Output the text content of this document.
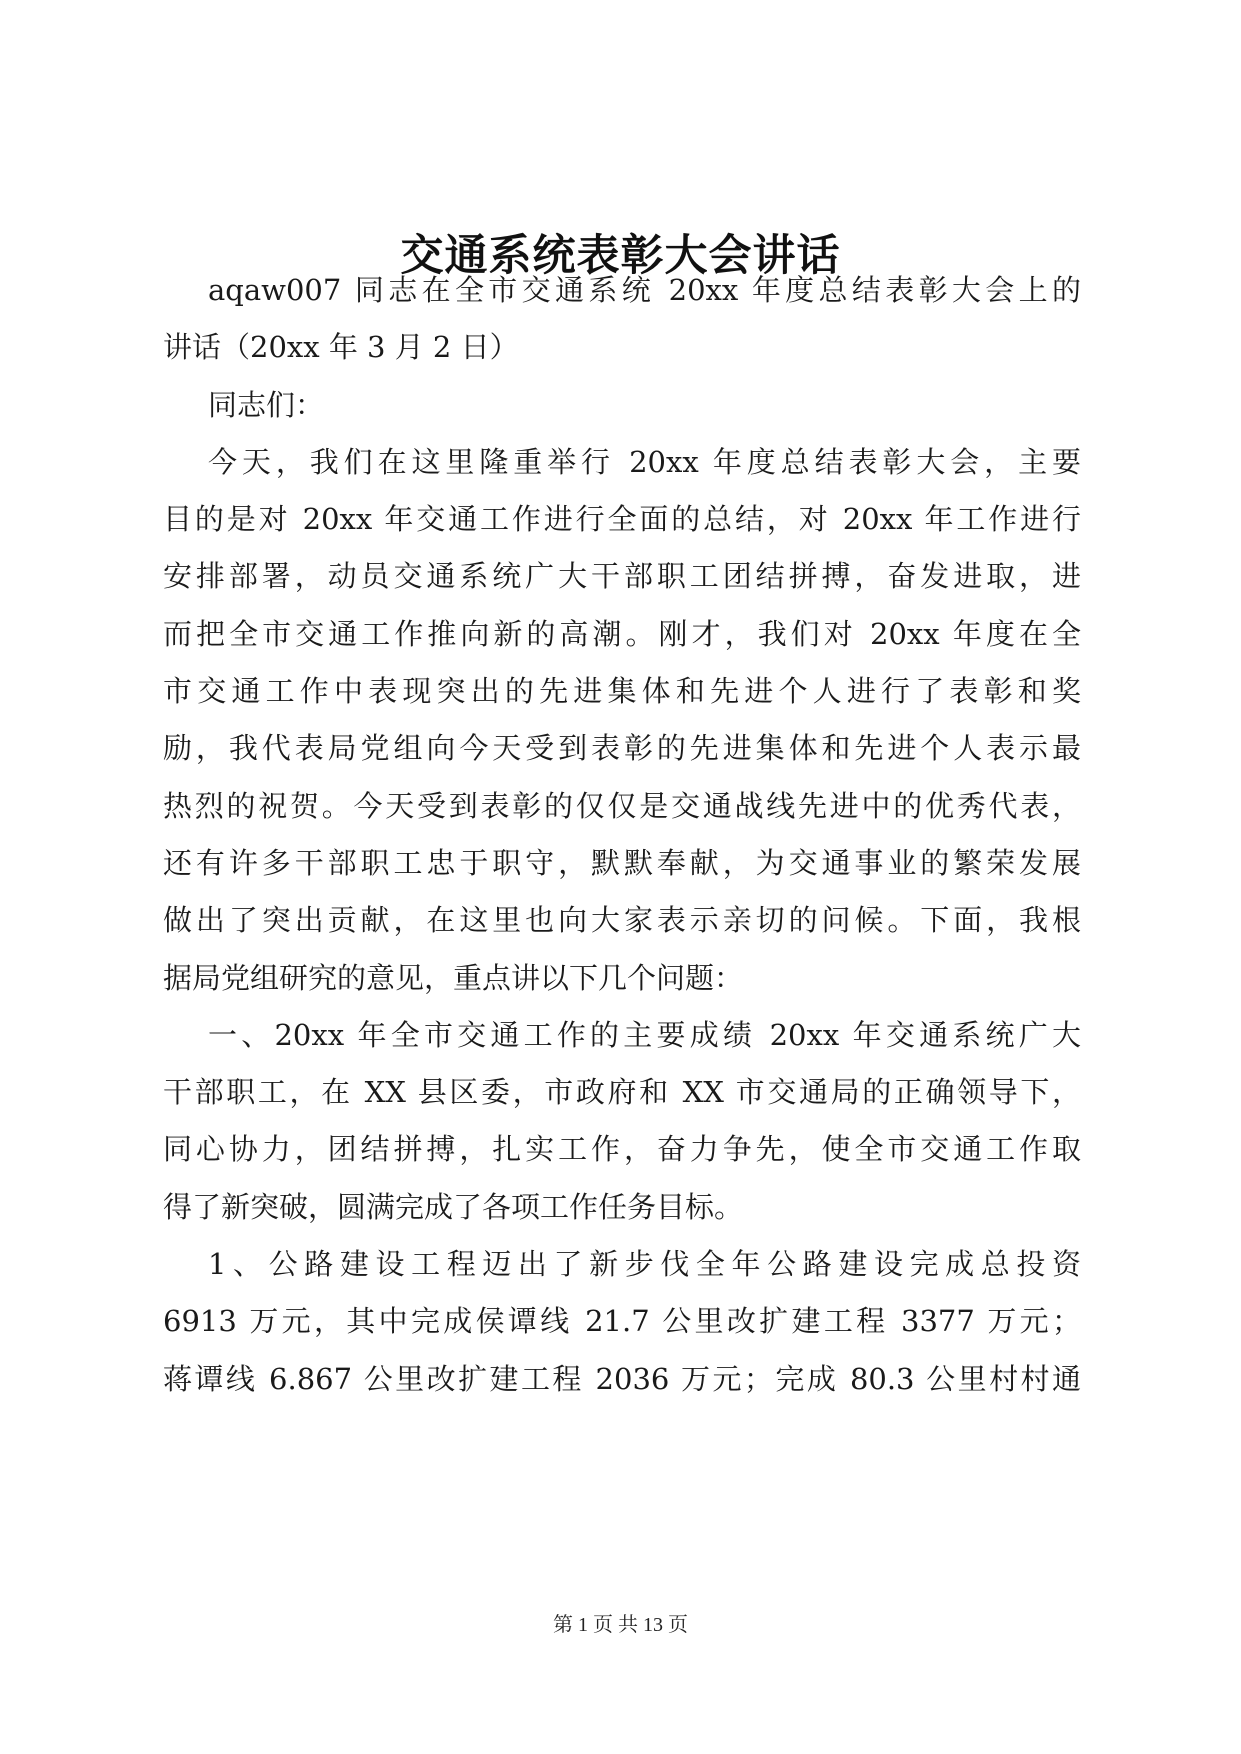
交通系统表彰大会讲话
aqaw007 同志在全市交通系统 20xx 年度总结表彰大会上的
讲话（20xx 年 3 月 2 日）
同志们：
今天，我们在这里隆重举行 20xx 年度总结表彰大会，主要
目的是对 20xx 年交通工作进行全面的总结，对 20xx 年工作进行
安排部署，动员交通系统广大干部职工团结拼搏，奋发进取，进
而把全市交通工作推向新的高潮。刚才，我们对 20xx 年度在全
市交通工作中表现突出的先进集体和先进个人进行了表彰和奖
励，我代表局党组向今天受到表彰的先进集体和先进个人表示最
热烈的祝贺。今天受到表彰的仅仅是交通战线先进中的优秀代表，
还有许多干部职工忠于职守，默默奉献，为交通事业的繁荣发展
做出了突出贡献，在这里也向大家表示亲切的问候。下面，我根
据局党组研究的意见，重点讲以下几个问题：
一、20xx 年全市交通工作的主要成绩 20xx 年交通系统广大
干部职工，在 XX 县区委，市政府和 XX 市交通局的正确领导下，
同心协力，团结拼搏，扎实工作，奋力争先，使全市交通工作取
得了新突破，圆满完成了各项工作任务目标。
1、公路建设工程迈出了新步伐全年公路建设完成总投资
6913 万元，其中完成侯谭线 21.7 公里改扩建工程 3377 万元；
蒋谭线 6.867 公里改扩建工程 2036 万元；完成 80.3 公里村村通
第 1 页 共 13 页
